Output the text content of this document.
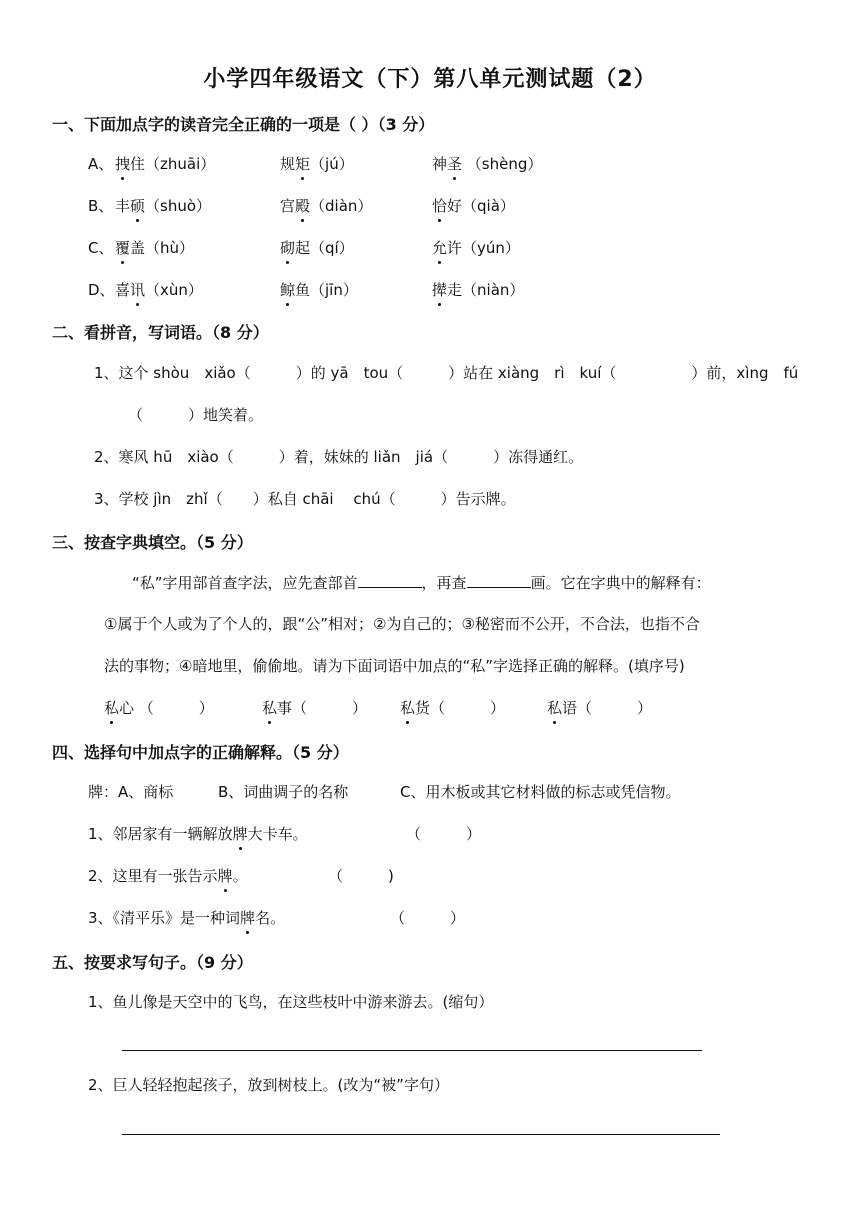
小学四年级语文（下）第八单元测试题（2）
一、下面加点字的读音完全正确的一项是（ ）（3 分）
A、 拽住（zhuāi）	规矩（jú）	神圣 （shèng）
B、 丰硕（shuò）	宫殿（diàn）	恰好（qià）
C、 覆盖（hù）	砌起（qí）	允许（yún）
D、 喜讯（xùn）	鲸鱼（jīn）	撵走（niàn）
二、看拼音，写词语。（8 分）
1、这个 shòu　xiǎo（　　　）的 yā　tou（　　　）站在 xiàng　rì　kuí（　　　　　）前，xìng　fú
（　　　）地笑着。
2、寒风 hū　xiào（　　　）着，妹妹的 liǎn　jiá（　　　）冻得通红。
3、学校 jìn　zhǐ（　　）私自 chāi　 chú（　　　）告示牌。
三、按查字典填空。（5 分）
“私”字用部首查字法，应先查部首	，再查	画。它在字典中的解释有：
①属于个人或为了个人的，跟“公”相对；②为自己的；③秘密而不公开，不合法，也指不合
法的事物；④暗地里，偷偷地。请为下面词语中加点的“私”字选择正确的解释。(填序号)
私心 （　　　）	私事（　　　） 私货（　　　）	私语（　　　）
四、选择句中加点字的正确解释。（5 分）
牌：A、商标	B、词曲调子的名称	C、用木板或其它材料做的标志或凭信物。
1、邻居家有一辆解放牌大卡车。	（　　　）
2、这里有一张告示牌。	（　　　)
3、《清平乐》是一种词牌名。	（　　　）
五、按要求写句子。（9 分）
1、鱼儿像是天空中的飞鸟，在这些枝叶中游来游去。(缩句）
2、巨人轻轻抱起孩子，放到树枝上。(改为“被”字句）
